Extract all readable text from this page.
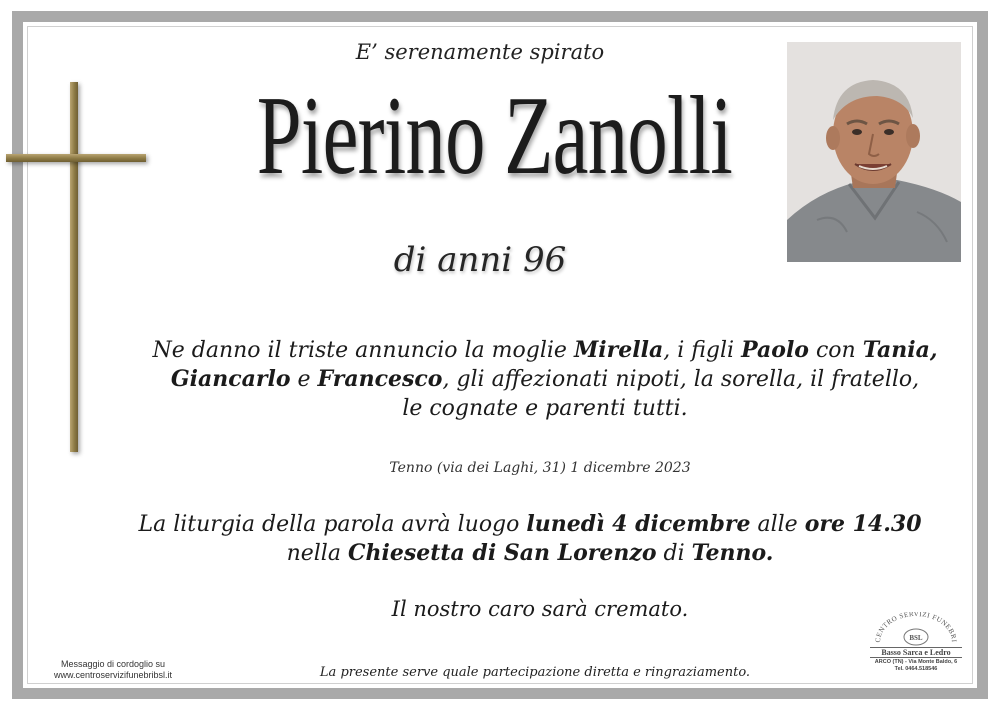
E’ serenamente spirato
Pierino Zanolli
di anni 96
Ne danno il triste annuncio la moglie Mirella, i figli Paolo con Tania,
Giancarlo e Francesco, gli affezionati nipoti, la sorella, il fratello,
le cognate e parenti tutti.
Tenno (via dei Laghi, 31) 1 dicembre 2023
La liturgia della parola avrà luogo lunedì 4 dicembre alle ore 14.30
nella Chiesetta di San Lorenzo di Tenno.
Il nostro caro sarà cremato.
Messaggio di cordoglio su
www.centroservizifunebribsl.it	La presente serve quale partecipazione diretta e ringraziamento.
CENTRO SERVIZI FUNEBRI
BSL
Basso Sarca e Ledro
ARCO (TN) - Via Monte Baldo, 6
Tel. 0464.518546
